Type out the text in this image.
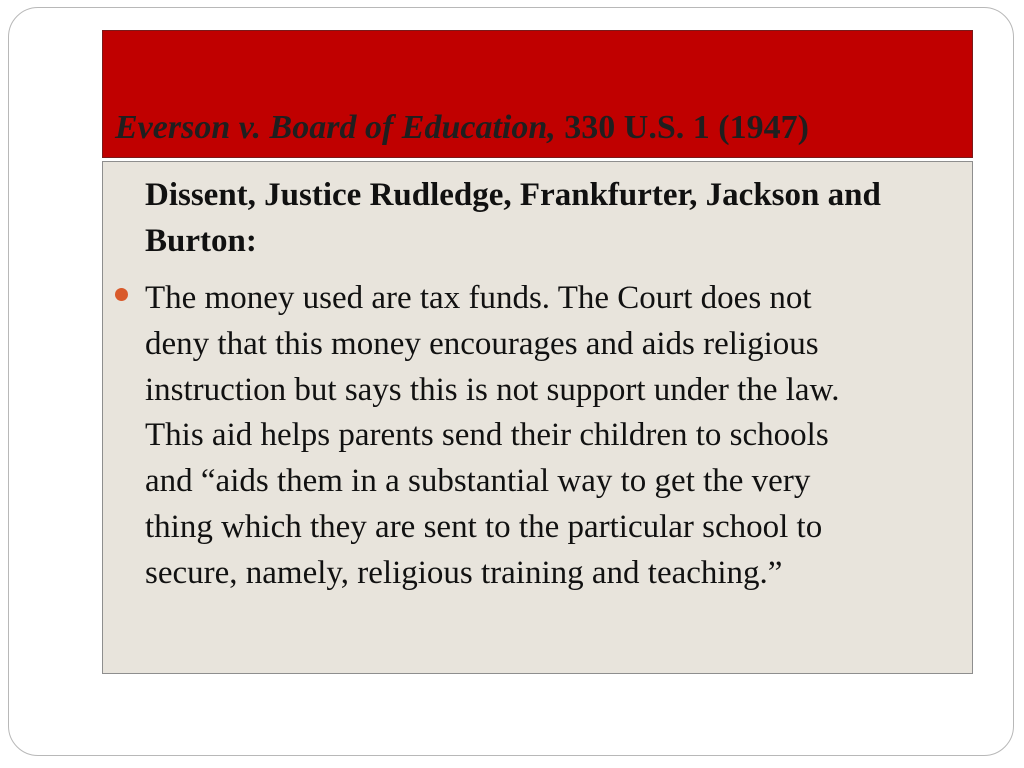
Everson v. Board of Education, 330 U.S. 1 (1947)

Dissent, Justice Rudledge, Frankfurter, Jackson and Burton:

The money used are tax funds. The Court does not
deny that this money encourages and aids religious
instruction but says this is not support under the law.
This aid helps parents send their children to schools
and “aids them in a substantial way to get the very
thing which they are sent to the particular school to
secure, namely, religious training and teaching.”
